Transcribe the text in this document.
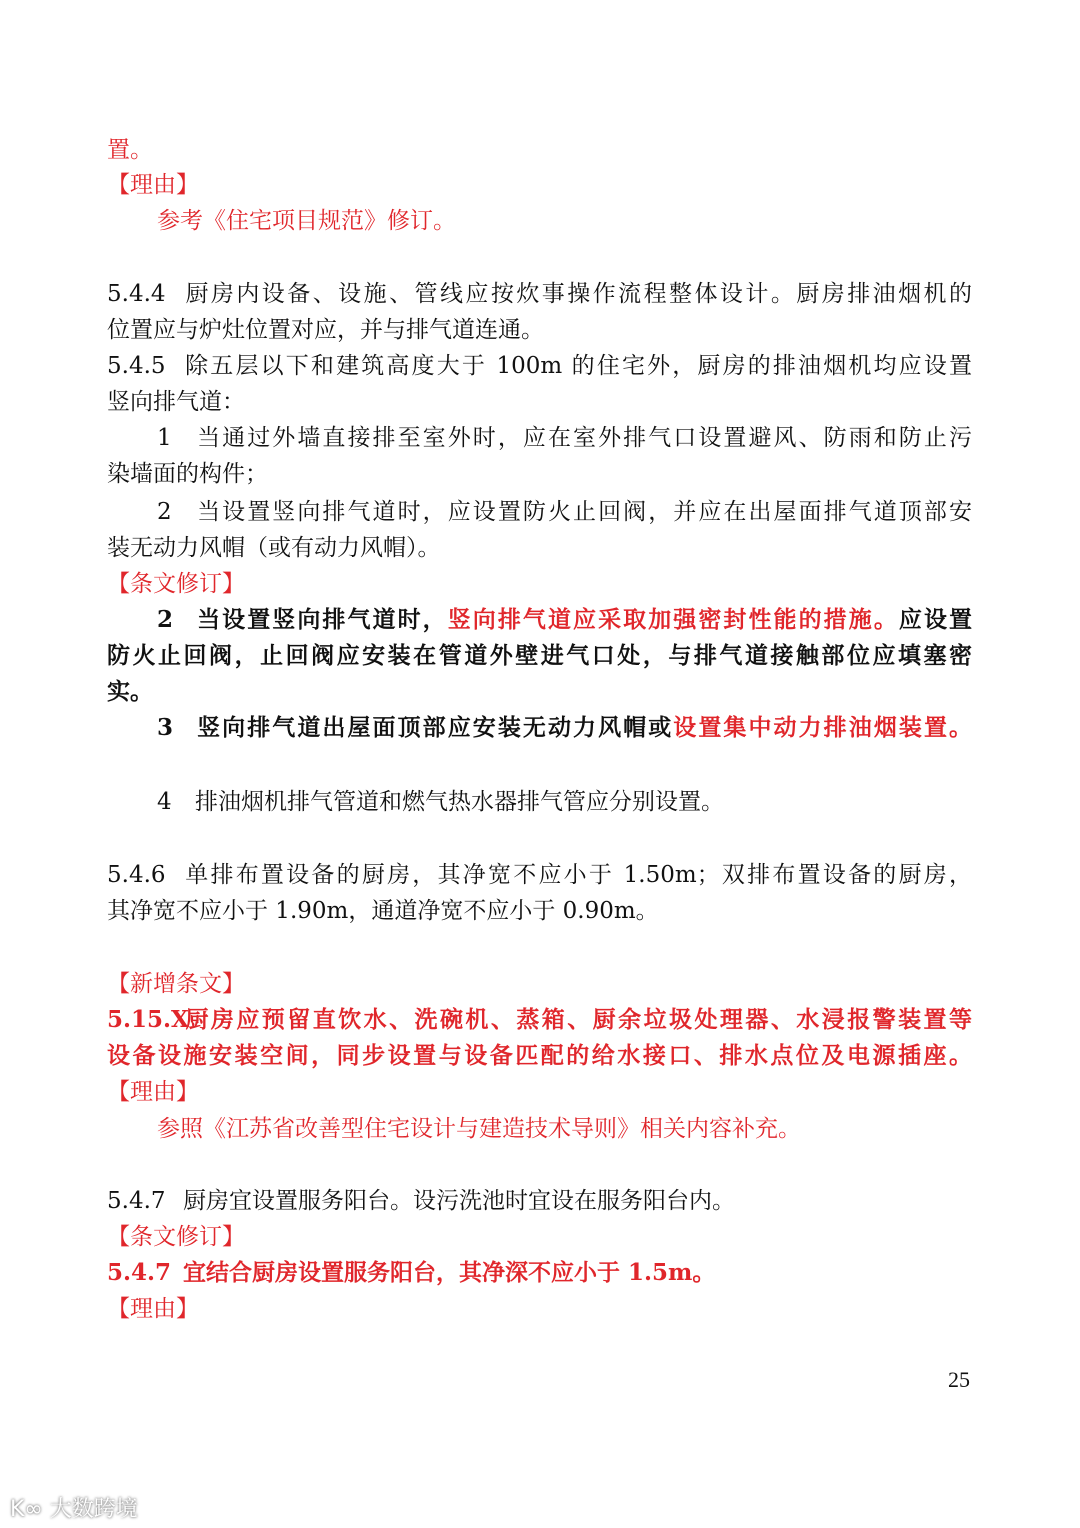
置。
【理由】
参考《住宅项目规范》修订。
5.4.4 厨房内设备、设施、管线应按炊事操作流程整体设计。厨房排油烟机的
位置应与炉灶位置对应，并与排气道连通。
5.4.5 除五层以下和建筑高度大于 100m 的住宅外，厨房的排油烟机均应设置
竖向排气道：
1 当通过外墙直接排至室外时，应在室外排气口设置避风、防雨和防止污
染墙面的构件；
2 当设置竖向排气道时，应设置防火止回阀，并应在出屋面排气道顶部安
装无动力风帽（或有动力风帽）。
【条文修订】
2 当设置竖向排气道时，竖向排气道应采取加强密封性能的措施。应设置
防火止回阀，止回阀应安装在管道外壁进气口处，与排气道接触部位应填塞密
实。
3 竖向排气道出屋面顶部应安装无动力风帽或设置集中动力排油烟装置。
4 排油烟机排气管道和燃气热水器排气管应分别设置。
5.4.6 单排布置设备的厨房，其净宽不应小于 1.50m；双排布置设备的厨房，
其净宽不应小于 1.90m，通道净宽不应小于 0.90m。
【新增条文】
5.15.X厨房应预留直饮水、洗碗机、蒸箱、厨余垃圾处理器、水浸报警装置等
设备设施安装空间，同步设置与设备匹配的给水接口、排水点位及电源插座。
【理由】
参照《江苏省改善型住宅设计与建造技术导则》相关内容补充。
5.4.7 厨房宜设置服务阳台。设污洗池时宜设在服务阳台内。
【条文修订】
5.4.7 宜结合厨房设置服务阳台，其净深不应小于 1.5m。
【理由】
25
K∞ 大数跨境
